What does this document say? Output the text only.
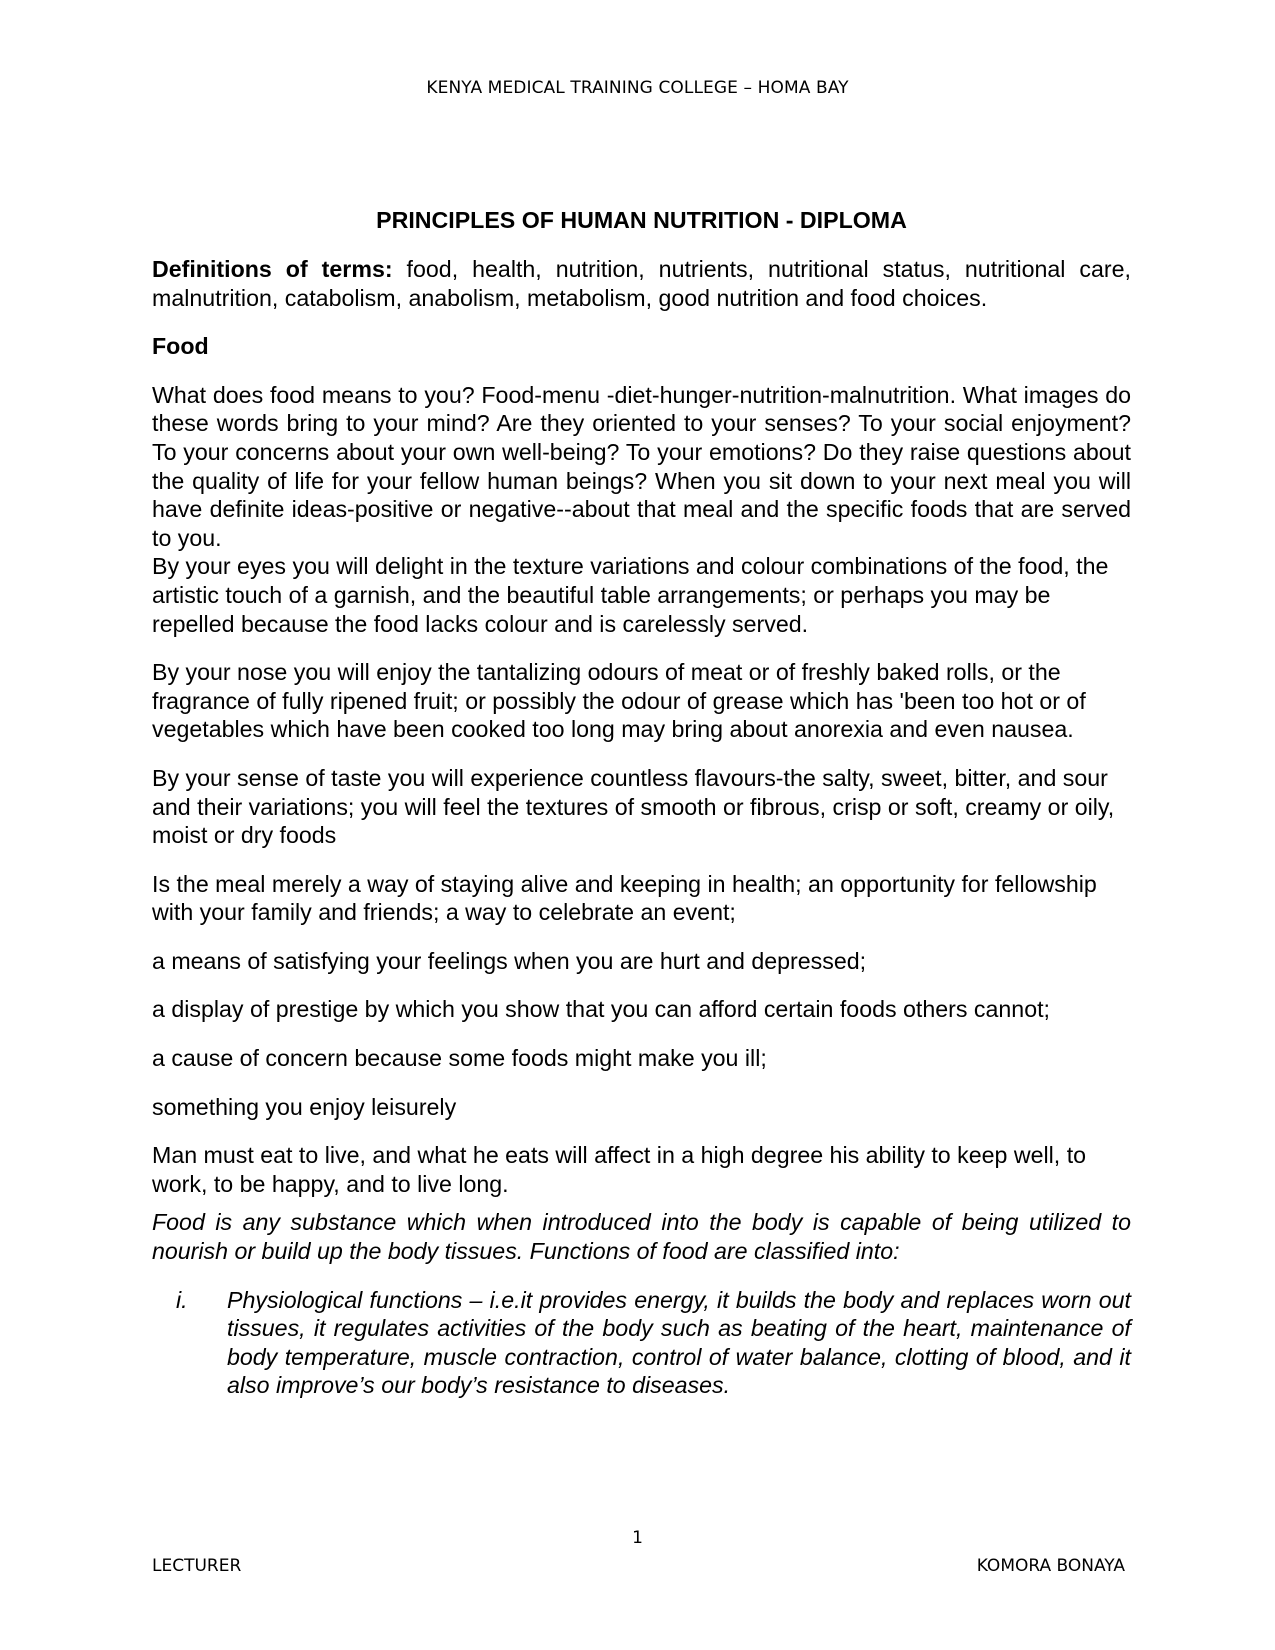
KENYA MEDICAL TRAINING COLLEGE – HOMA BAY

PRINCIPLES OF HUMAN NUTRITION - DIPLOMA

Definitions of terms: food, health, nutrition, nutrients, nutritional status, nutritional care, malnutrition, catabolism, anabolism, metabolism, good nutrition and food choices.

Food

What does food means to you? Food-menu -diet-hunger-nutrition-malnutrition. What images do these words bring to your mind? Are they oriented to your senses? To your social enjoyment? To your concerns about your own well-being? To your emotions? Do they raise questions about the quality of life for your fellow human beings? When you sit down to your next meal you will have definite ideas-positive or negative--about that meal and the specific foods that are served to you.

By your eyes you will delight in the texture variations and colour combinations of the food, the artistic touch of a garnish, and the beautiful table arrangements; or perhaps you may be repelled because the food lacks colour and is carelessly served.

By your nose you will enjoy the tantalizing odours of meat or of freshly baked rolls, or the fragrance of fully ripened fruit; or possibly the odour of grease which has 'been too hot or of vegetables which have been cooked too long may bring about anorexia and even nausea.

By your sense of taste you will experience countless flavours-the salty, sweet, bitter, and sour and their variations; you will feel the textures of smooth or fibrous, crisp or soft, creamy or oily, moist or dry foods

Is the meal merely a way of staying alive and keeping in health; an opportunity for fellowship with your family and friends; a way to celebrate an event;

a means of satisfying your feelings when you are hurt and depressed;

a display of prestige by which you show that you can afford certain foods others cannot;

a cause of concern because some foods might make you ill;

something you enjoy leisurely

Man must eat to live, and what he eats will affect in a high degree his ability to keep well, to work, to be happy, and to live long.

Food is any substance which when introduced into the body is capable of being utilized to nourish or build up the body tissues. Functions of food are classified into:

i. Physiological functions – i.e.it provides energy, it builds the body and replaces worn out tissues, it regulates activities of the body such as beating of the heart, maintenance of body temperature, muscle contraction, control of water balance, clotting of blood, and it also improve’s our body’s resistance to diseases.
1
LECTURER	KOMORA BONAYA
